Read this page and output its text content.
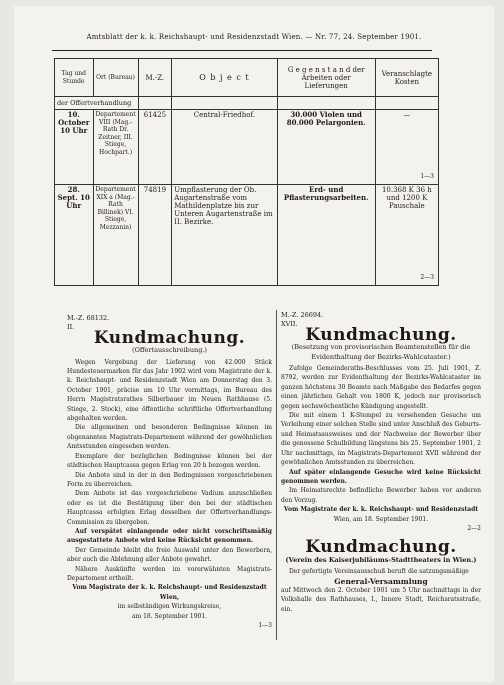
Amtsblatt der k. k. Reichshaupt- und Residenzstadt Wien. — Nr. 77, 24. September 1901.
Tag und Stunde	Ort (Bureau)	M.-Z.	O b j e c t	G e g e n s t a n d der Arbeiten oder Lieferungen	Veranschlagte Kosten
der Offertverhandlung					
10. October 10 Uhr	Departement VIII (Mag.-Rath Dr. Zeitner, III. Stiege, Hochpart.)	61425	Central-Friedhof.	30.000 Violen und 80.000 Pelargonien.	—
1—3

28. Sept. 10 Uhr	Departement XIX a (Mag.-Rath Billinek) VI. Stiege, Mezzanin)	74819	Umpflasterung der Ob. Augartenstraße vom Mathildenplatze bis zur Unteren Augartenstraße im II. Bezirke.	Erd- und Pflasterungsarbeiten.	10.368 K 36 h und 1200 K Pauschale
2—3
M.-Z. 68132.
II.
Kundmachung.
(Offertausschreibung.)

Wegen Vergebung der Lieferung von 42.000 Stück Hundesteuermarken für das Jahr 1902 wird vom Magistrate der k. k. Reichshaupt- und Residenzstadt Wien am Donnerstag den 3. October 1901, präcise um 10 Uhr vormittags, im Bureau des Herrn Magistratsrathes Silberbauer im Neuen Rathhause (5. Stiege, 2. Stock), eine öffentliche schriftliche Offertverhandlung abgehalten werden.

Die allgemeinen und besonderen Bedingnisse können im obgenannten Magistrats-Departement während der gewöhnlichen Amtsstunden eingesehen werden.

Exemplare der bezüglichen Bedingnisse können bei der städtischen Hauptcassa gegen Erlag von 20 h bezogen werden.

Die Anbote sind in der in den Bedingnissen vorgeschriebenen Form zu überreichen.

Dem Anbote ist das vorgeschriebene Vadium anzuschließen oder es ist die Bestätigung über den bei der städtischen Hauptcassa erfolgten Erlag desselben der Offertverhandlungs-Commission zu übergeben.

Auf verspätet einlangende oder nicht vorschriftsmäßig ausgestattete Anbote wird keine Rücksicht genommen.

Der Gemeinde bleibt die freie Auswahl unter den Bewerbern, aber auch die Ablehnung aller Anbote gewahrt.

Nähere Auskünfte werden im vorerwähnten Magistrats-Departement ertheilt.

Vom Magistrate der k. k. Reichshaupt- und Residenzstadt Wien,

im selbständigen Wirkungskreise,

am 18. September 1901.

1—3
M.-Z. 26694.
XVII.
Kundmachung.
(Besetzung von provisorischen Beamtenstellen für die Evidenthaltung der Bezirks-Wahlcataster.)

Zufolge Gemeinderaths-Beschlusses vom 25. Juli 1901, Z. 8792, werden zur Evidenthaltung der Bezirks-Wahlcataster im ganzen höchstens 30 Beamte nach Maßgabe des Bedarfes gegen einen jährlichen Gehalt von 1800 K, jedoch nur provisorisch gegen sechswöchentliche Kündigung angestellt.

Die mit einem 1 K-Stempel zu versehenden Gesuche um Verleihung einer solchen Stelle sind unter Anschluß des Geburts- und Heimatsausweises und der Nachweise der Bewerber über die genossene Schulbildung längstens bis 25. September 1901, 2 Uhr nachmittags, im Magistrats-Departement XVII während der gewöhnlichen Amtsstunden zu überreichen.

Auf später einlangende Gesuche wird keine Rücksicht genommen werden.

Im Heimatsrechte befindliche Bewerber haben vor anderen den Vorzug.

Vom Magistrate der k. k. Reichshaupt- und Residenzstadt

Wien, am 18. September 1901.

2—2
Kundmachung.
(Verein des Kaiserjubiläums-Stadttheaters in Wien.)

Der gefertigte Vereinsausschuß beruft die satzungsmäßige

General-Versammlung

auf Mittwoch den 2. October 1901 um 5 Uhr nachmittags in der Volkshalle des Rathhauses, I., Innere Stadt, Reichsratsstraße, ein.
